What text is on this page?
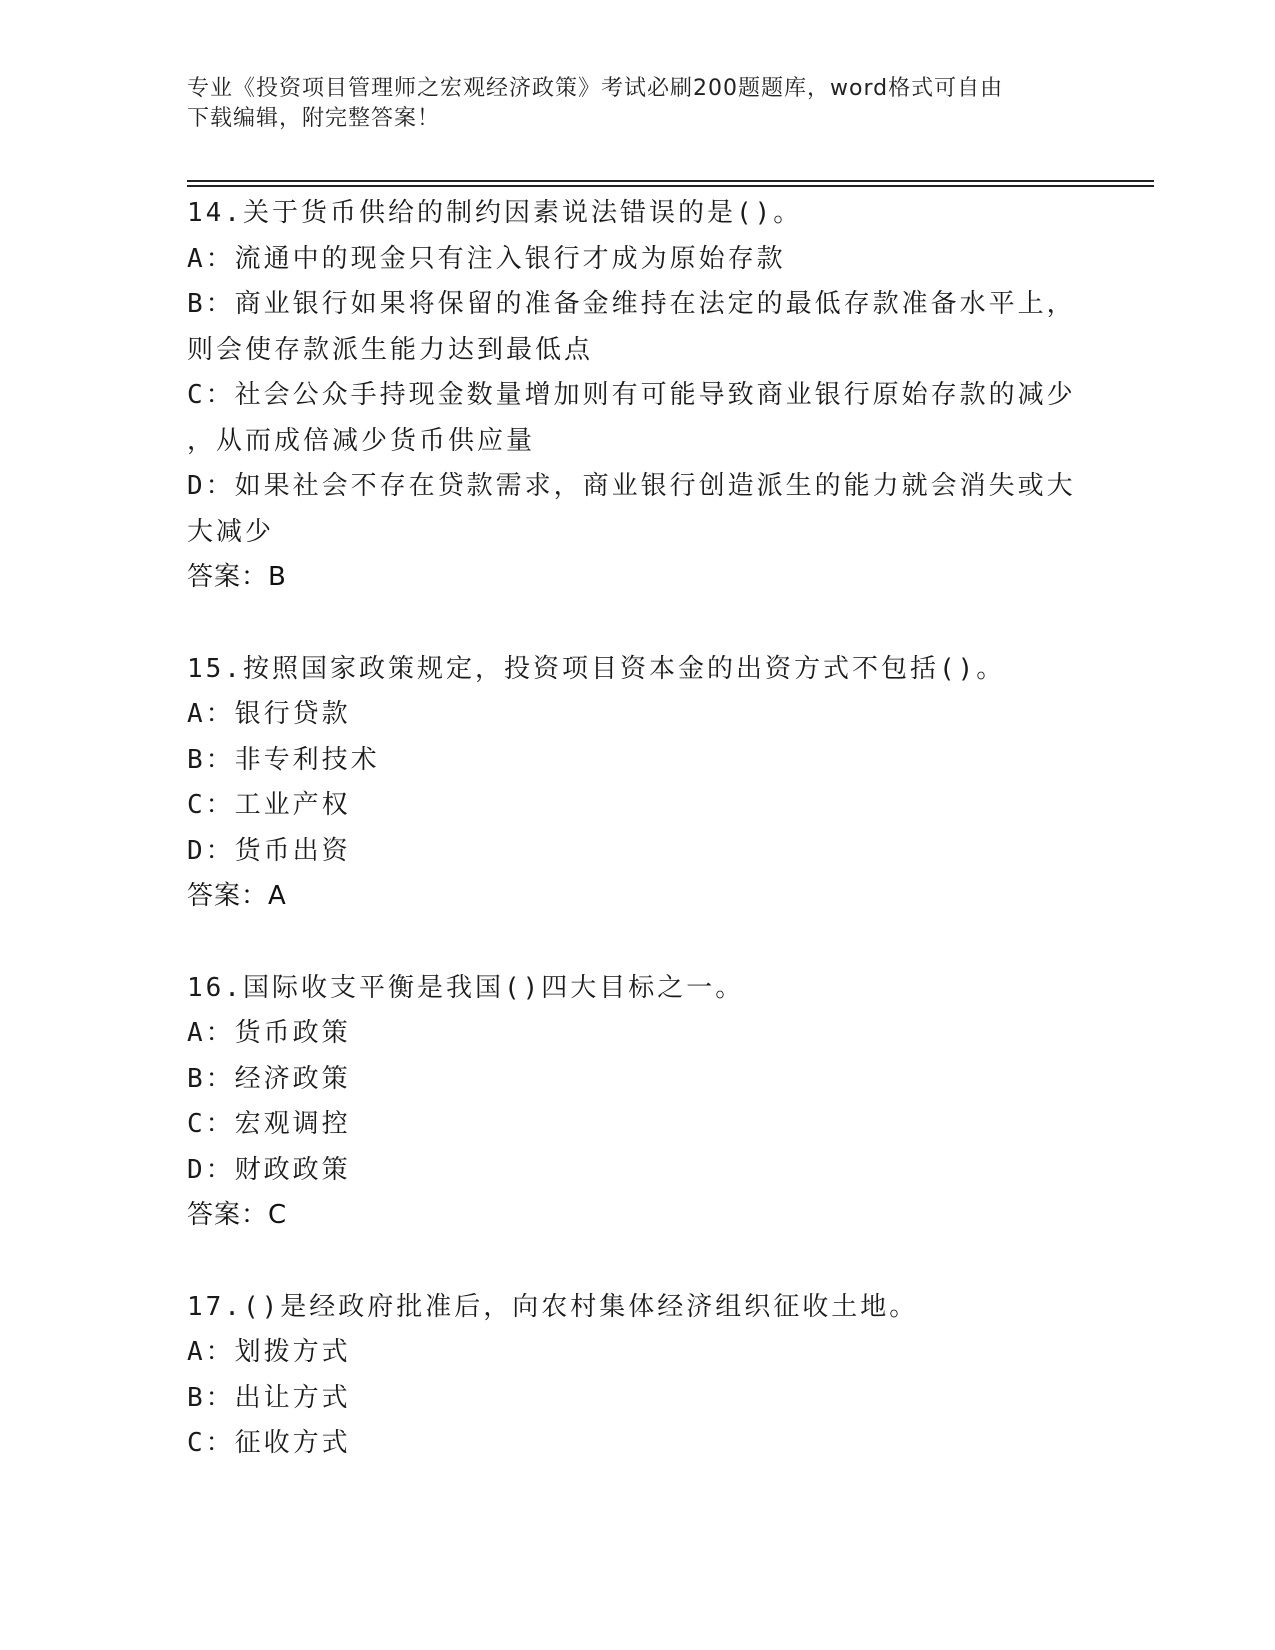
专业《投资项目管理师之宏观经济政策》考试必刷200题题库，word格式可自由
下载编辑，附完整答案！
14.关于货币供给的制约因素说法错误的是()。
A：流通中的现金只有注入银行才成为原始存款
B：商业银行如果将保留的准备金维持在法定的最低存款准备水平上，
则会使存款派生能力达到最低点
C：社会公众手持现金数量增加则有可能导致商业银行原始存款的减少
，从而成倍减少货币供应量
D：如果社会不存在贷款需求，商业银行创造派生的能力就会消失或大
大减少
答案：B
15.按照国家政策规定，投资项目资本金的出资方式不包括()。
A：银行贷款
B：非专利技术
C：工业产权
D：货币出资
答案：A
16.国际收支平衡是我国()四大目标之一。
A：货币政策
B：经济政策
C：宏观调控
D：财政政策
答案：C
17.()是经政府批准后，向农村集体经济组织征收土地。
A：划拨方式
B：出让方式
C：征收方式
